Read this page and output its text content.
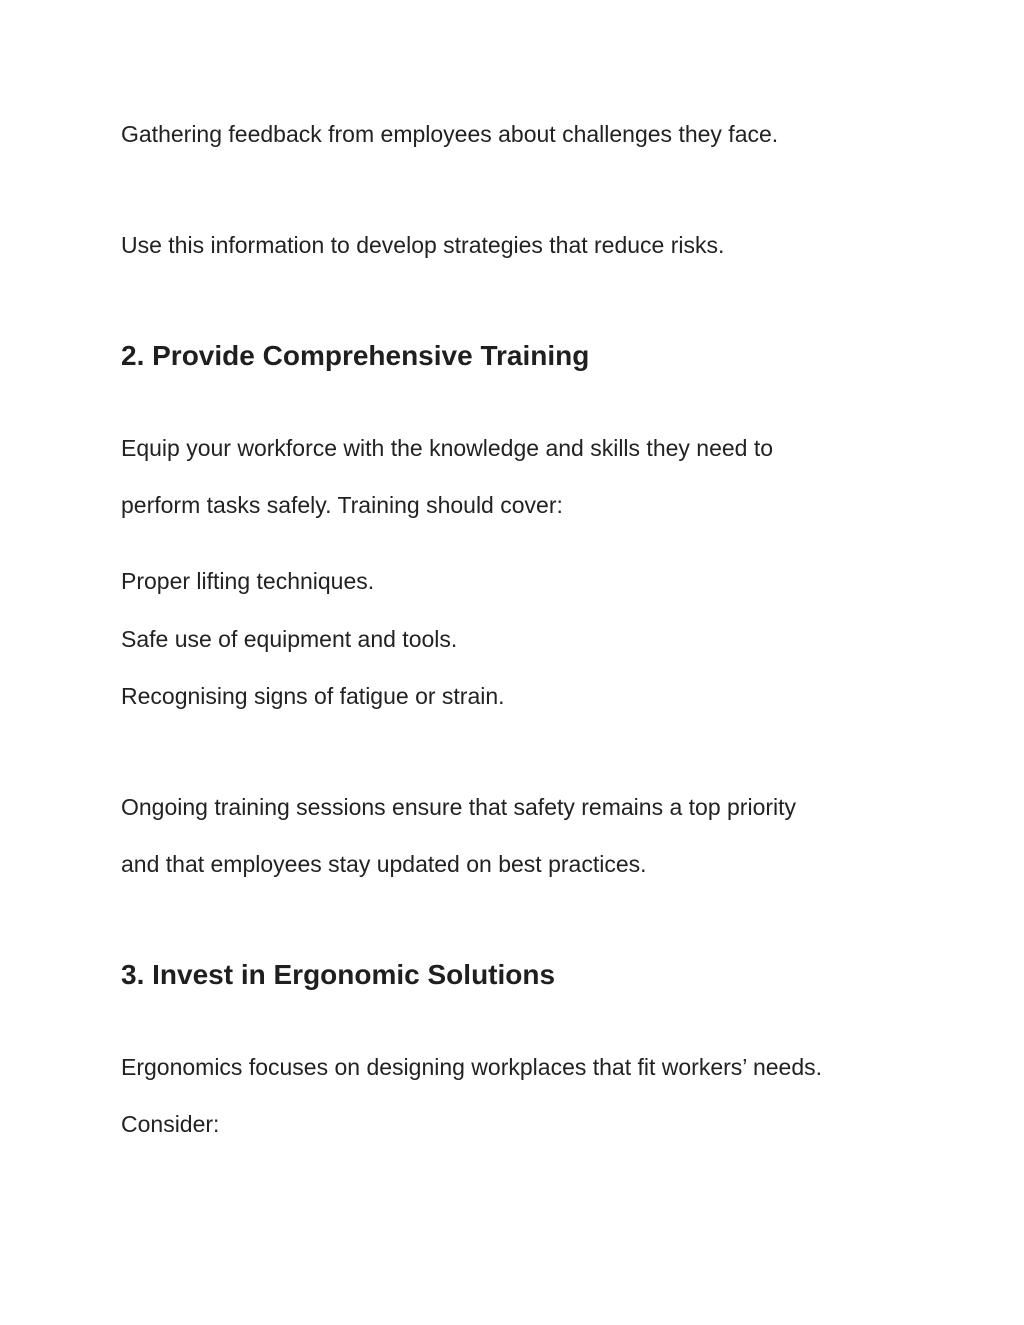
Gathering feedback from employees about challenges they face.

Use this information to develop strategies that reduce risks.

2. Provide Comprehensive Training

Equip your workforce with the knowledge and skills they need to

perform tasks safely. Training should cover:

Proper lifting techniques.

Safe use of equipment and tools.

Recognising signs of fatigue or strain.

Ongoing training sessions ensure that safety remains a top priority

and that employees stay updated on best practices.

3. Invest in Ergonomic Solutions

Ergonomics focuses on designing workplaces that fit workers’ needs.

Consider:
